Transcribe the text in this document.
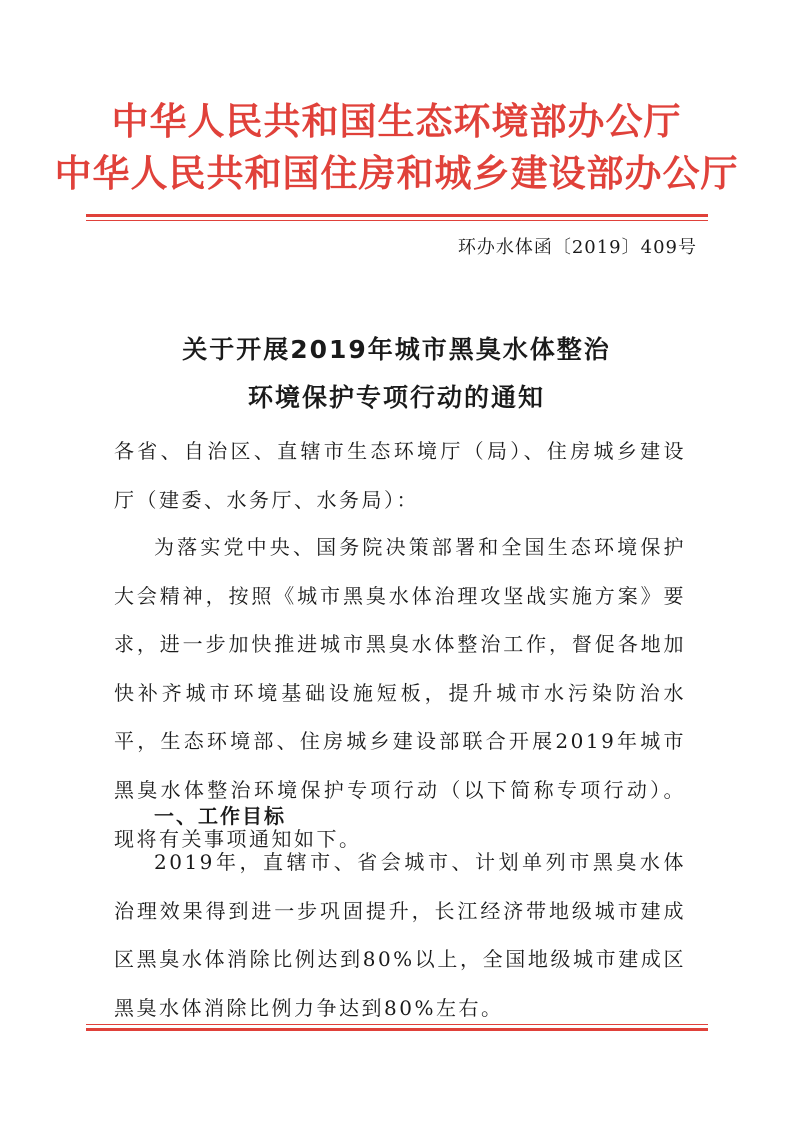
中华人民共和国生态环境部办公厅
中华人民共和国住房和城乡建设部办公厅
环办水体函〔2019〕409号
关于开展2019年城市黑臭水体整治
环境保护专项行动的通知
各省、自治区、直辖市生态环境厅（局）、住房城乡建设厅（建委、水务厅、水务局）：
为落实党中央、国务院决策部署和全国生态环境保护大会精神，按照《城市黑臭水体治理攻坚战实施方案》要求，进一步加快推进城市黑臭水体整治工作，督促各地加快补齐城市环境基础设施短板，提升城市水污染防治水平，生态环境部、住房城乡建设部联合开展2019年城市黑臭水体整治环境保护专项行动（以下简称专项行动）。现将有关事项通知如下。
一、工作目标
2019年，直辖市、省会城市、计划单列市黑臭水体治理效果得到进一步巩固提升，长江经济带地级城市建成区黑臭水体消除比例达到80%以上，全国地级城市建成区黑臭水体消除比例力争达到80%左右。
